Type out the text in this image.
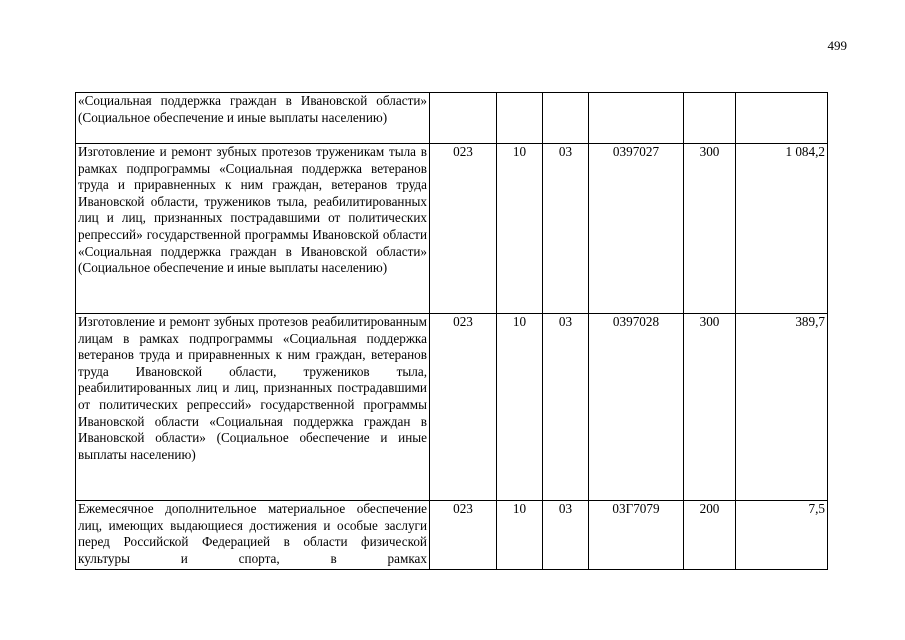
499
«Социальная поддержка граждан в Ивановской области» (Социальное обеспечение и иные выплаты населению)						

Изготовление и ремонт зубных протезов труженикам тыла в рамках подпрограммы «Социальная поддержка ветеранов труда и приравненных к ним граждан, ветеранов труда Ивановской области, тружеников тыла, реабилитированных лиц и лиц, признанных пострадавшими от политических репрессий» государственной программы Ивановской области «Социальная поддержка граждан в Ивановской области» (Социальное обеспечение и иные выплаты населению)	023	10	03	0397027	300	1 084,2

Изготовление и ремонт зубных протезов реабилитированным лицам в рамках подпрограммы «Социальная поддержка ветеранов труда и приравненных к ним граждан, ветеранов труда Ивановской области, тружеников тыла, реабилитированных лиц и лиц, признанных пострадавшими от политических репрессий» государственной программы Ивановской области «Социальная поддержка граждан в Ивановской области» (Социальное обеспечение и иные выплаты населению)	023	10	03	0397028	300	389,7

Ежемесячное дополнительное материальное обеспечение лиц, имеющих выдающиеся достижения и особые заслуги перед Российской Федерацией в области физической культуры и спорта, в рамках	023	10	03	03Г7079	200	7,5
